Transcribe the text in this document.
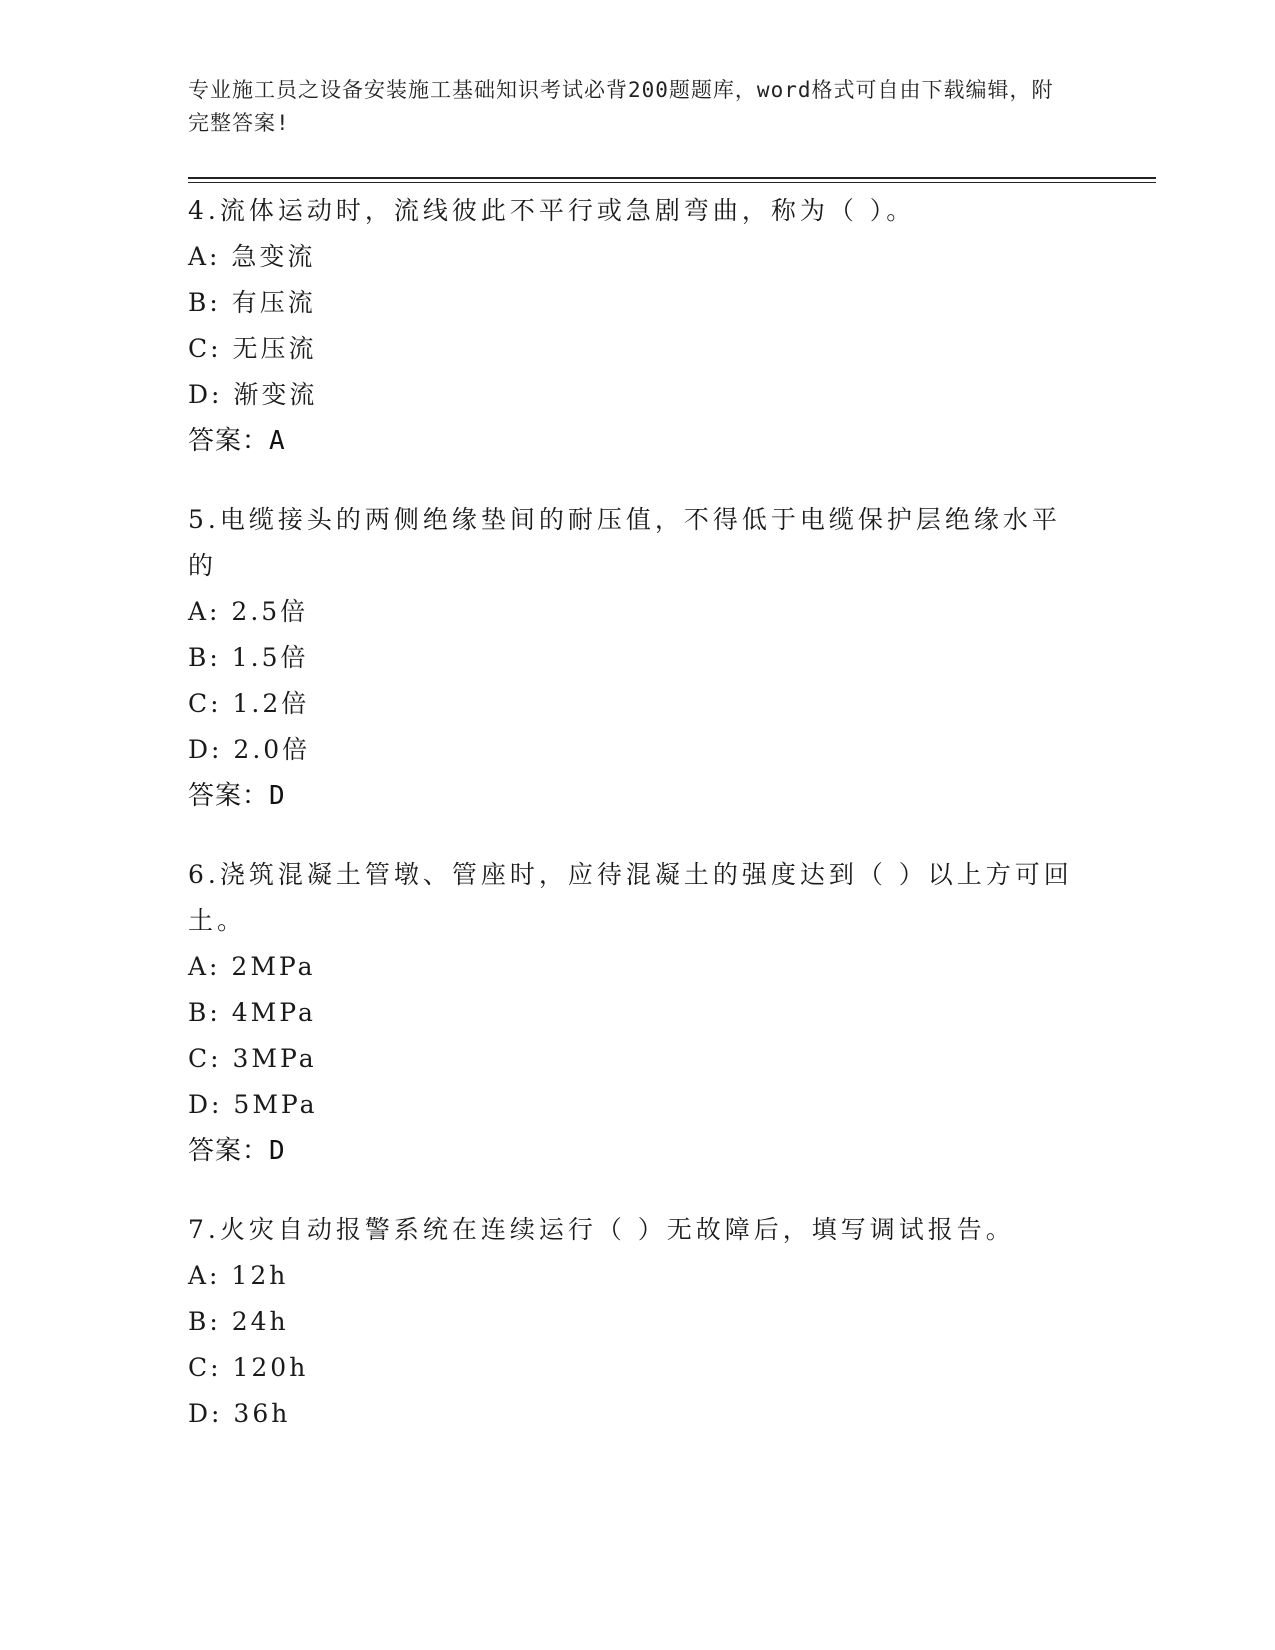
专业施工员之设备安装施工基础知识考试必背200题题库，word格式可自由下载编辑，附完整答案!
4.流体运动时，流线彼此不平行或急剧弯曲，称为（ ）。
A: 急变流
B: 有压流
C: 无压流
D: 渐变流
答案：A
5.电缆接头的两侧绝缘垫间的耐压值，不得低于电缆保护层绝缘水平的
A: 2.5倍
B: 1.5倍
C: 1.2倍
D: 2.0倍
答案：D
6.浇筑混凝土管墩、管座时，应待混凝土的强度达到（ ）以上方可回土。
A: 2MPa
B: 4MPa
C: 3MPa
D: 5MPa
答案：D
7.火灾自动报警系统在连续运行（ ）无故障后，填写调试报告。
A: 12h
B: 24h
C: 120h
D: 36h
